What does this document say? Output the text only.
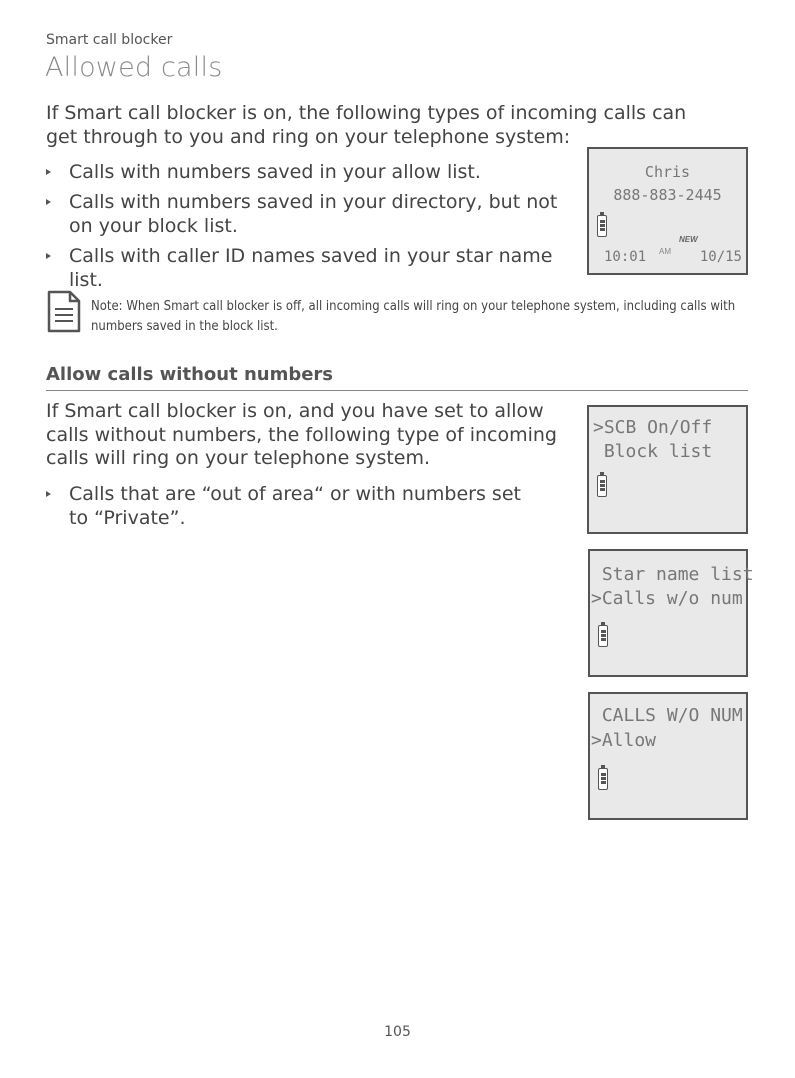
Smart call blocker
Allowed calls
If Smart call blocker is on, the following types of incoming calls can get through to you and ring on your telephone system:
Calls with numbers saved in your allow list.
Calls with numbers saved in your directory, but not on your block list.
Calls with caller ID names saved in your star name list.
Chris
888-883-2445
NEW
10:01 AM 10/15
Note: When Smart call blocker is off, all incoming calls will ring on your telephone system, including calls with numbers saved in the block list.
Allow calls without numbers
If Smart call blocker is on, and you have set to allow calls without numbers, the following type of incoming calls will ring on your telephone system.
Calls that are “out of area“ or with numbers set to “Private”.
>SCB On/Off
Block list
Star name list
>Calls w/o num
CALLS W/O NUM
>Allow
105
